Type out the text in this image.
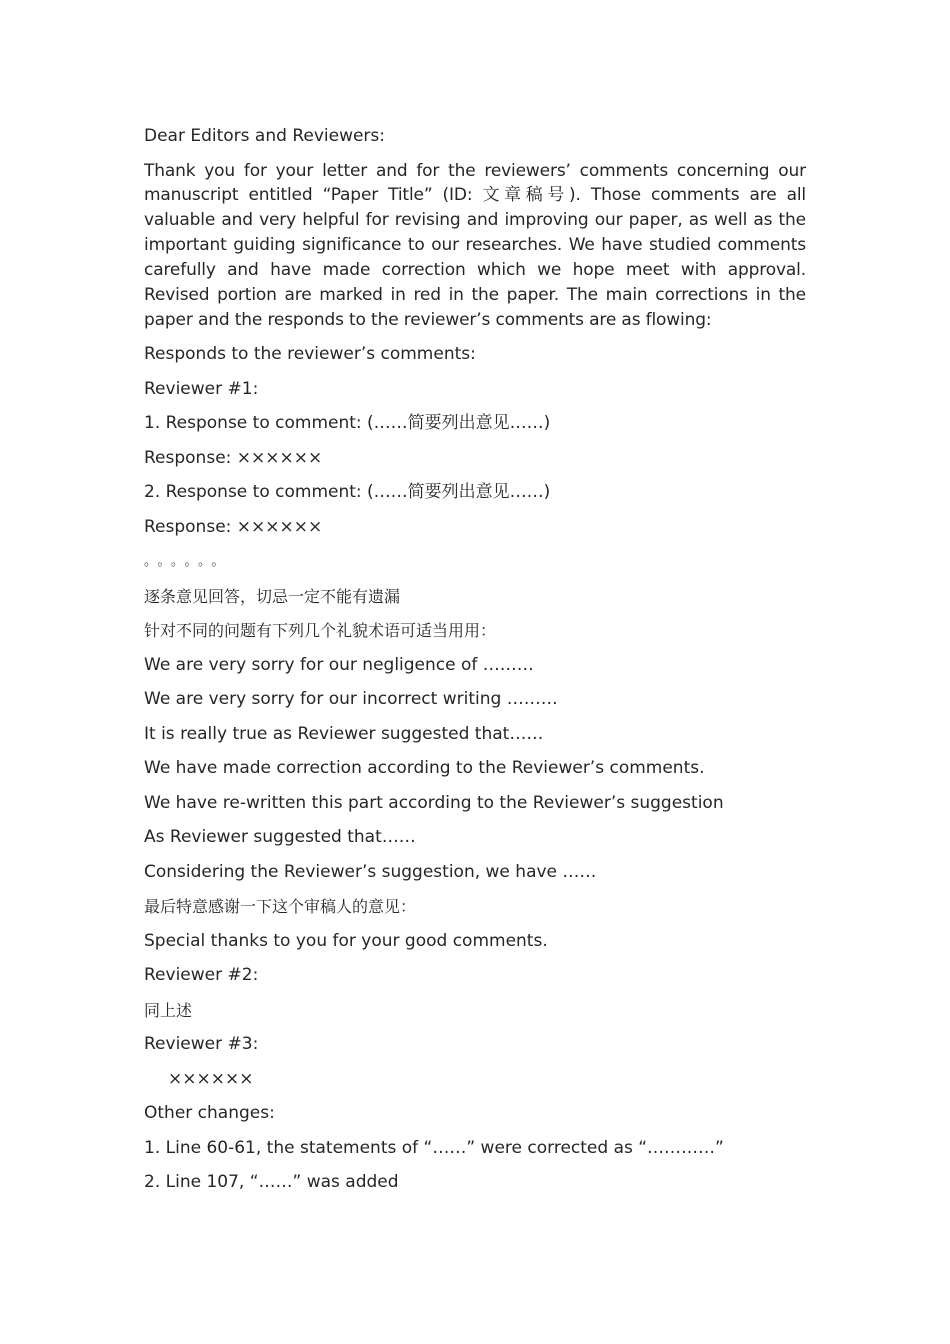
Dear Editors and Reviewers:

Thank you for your letter and for the reviewers’ comments concerning our manuscript entitled “Paper Title” (ID: 文章稿号). Those comments are all valuable and very helpful for revising and improving our paper, as well as the important guiding significance to our researches. We have studied comments carefully and have made correction which we hope meet with approval. Revised portion are marked in red in the paper. The main corrections in the paper and the responds to the reviewer’s comments are as flowing:

Responds to the reviewer’s comments:

Reviewer #1:

1. Response to comment: (……简要列出意见……)

Response: ××××××

2. Response to comment: (……简要列出意见……)

Response: ××××××

。。。。。。

逐条意见回答，切忌一定不能有遗漏

针对不同的问题有下列几个礼貌术语可适当用用：

We are very sorry for our negligence of ………

We are very sorry for our incorrect writing ………

It is really true as Reviewer suggested that……

We have made correction according to the Reviewer’s comments.

We have re-written this part according to the Reviewer’s suggestion

As Reviewer suggested that……

Considering the Reviewer’s suggestion, we have ……

最后特意感谢一下这个审稿人的意见：

Special thanks to you for your good comments.

Reviewer #2:

同上述

Reviewer #3:

××××××

Other changes:

1. Line 60-61, the statements of “……” were corrected as “…………”

2. Line 107, “……” was added
